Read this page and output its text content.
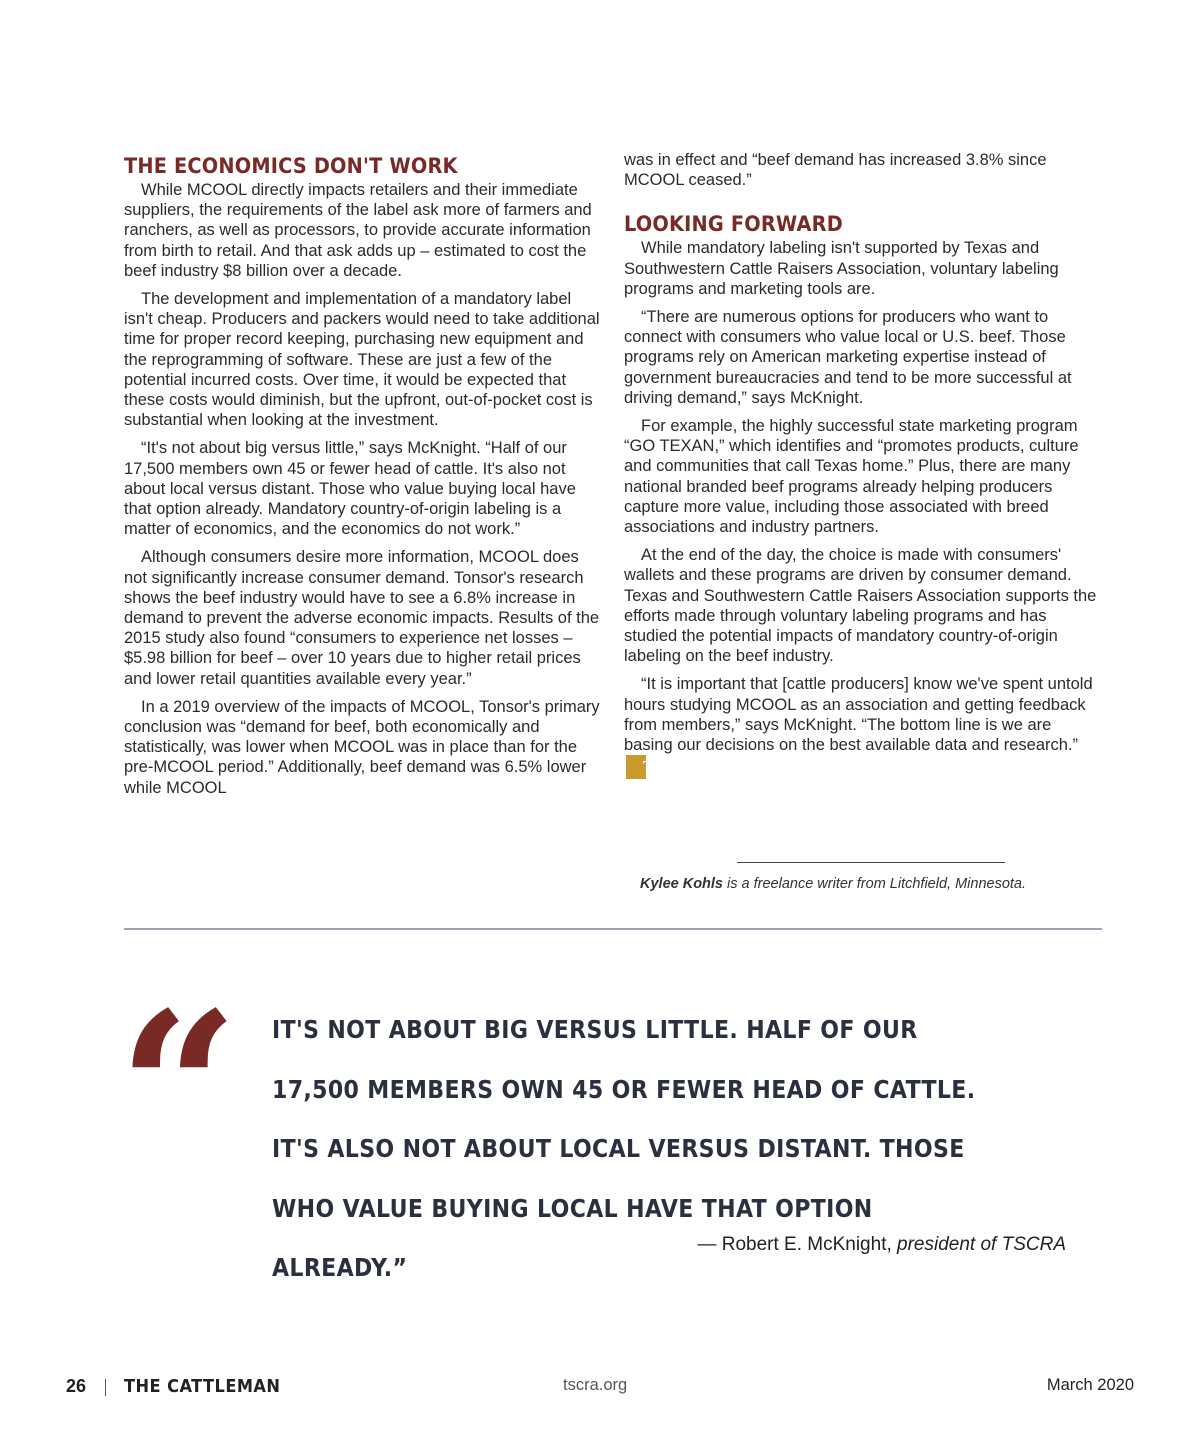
THE ECONOMICS DON'T WORK

While MCOOL directly impacts retailers and their immediate suppliers, the requirements of the label ask more of farmers and ranchers, as well as processors, to provide accurate information from birth to retail. And that ask adds up – estimated to cost the beef industry $8 billion over a decade.

The development and implementation of a mandatory label isn't cheap. Producers and packers would need to take additional time for proper record keeping, purchasing new equipment and the reprogramming of software. These are just a few of the potential incurred costs. Over time, it would be expected that these costs would diminish, but the upfront, out-of-pocket cost is substantial when looking at the investment.

“It's not about big versus little,” says McKnight. “Half of our 17,500 members own 45 or fewer head of cattle. It's also not about local versus distant. Those who value buying local have that option already. Mandatory country-of-origin labeling is a matter of economics, and the economics do not work.”

Although consumers desire more information, MCOOL does not significantly increase consumer demand. Tonsor's research shows the beef industry would have to see a 6.8% increase in demand to prevent the adverse economic impacts. Results of the 2015 study also found “consumers to experience net losses – $5.98 billion for beef – over 10 years due to higher retail prices and lower retail quantities available every year.”

In a 2019 overview of the impacts of MCOOL, Tonsor's primary conclusion was “demand for beef, both economically and statistically, was lower when MCOOL was in place than for the pre-MCOOL period.” Additionally, beef demand was 6.5% lower while MCOOL

was in effect and “beef demand has increased 3.8% since MCOOL ceased.”

LOOKING FORWARD

While mandatory labeling isn't supported by Texas and Southwestern Cattle Raisers Association, voluntary labeling programs and marketing tools are.

“There are numerous options for producers who want to connect with consumers who value local or U.S. beef. Those programs rely on American marketing expertise instead of government bureaucracies and tend to be more successful at driving demand,” says McKnight.

For example, the highly successful state marketing program “GO TEXAN,” which identifies and “promotes products, culture and communities that call Texas home.” Plus, there are many national branded beef programs already helping producers capture more value, including those associated with breed associations and industry partners.

At the end of the day, the choice is made with consumers' wallets and these programs are driven by consumer demand. Texas and Southwestern Cattle Raisers Association supports the efforts made through voluntary labeling programs and has studied the potential impacts of mandatory country-of-origin labeling on the beef industry.

“It is important that [cattle producers] know we've spent untold hours studying MCOOL as an association and getting feedback from members,” says McKnight. “The bottom line is we are basing our decisions on the best available data and research.” T

Kylee Kohls is a freelance writer from Litchfield, Minnesota.
“ IT'S NOT ABOUT BIG VERSUS LITTLE. HALF OF OUR 17,500 MEMBERS OWN 45 OR FEWER HEAD OF CATTLE. IT'S ALSO NOT ABOUT LOCAL VERSUS DISTANT. THOSE WHO VALUE BUYING LOCAL HAVE THAT OPTION ALREADY.”
— Robert E. McKnight, president of TSCRA
26 THE CATTLEMAN	tscra.org	March 2020
